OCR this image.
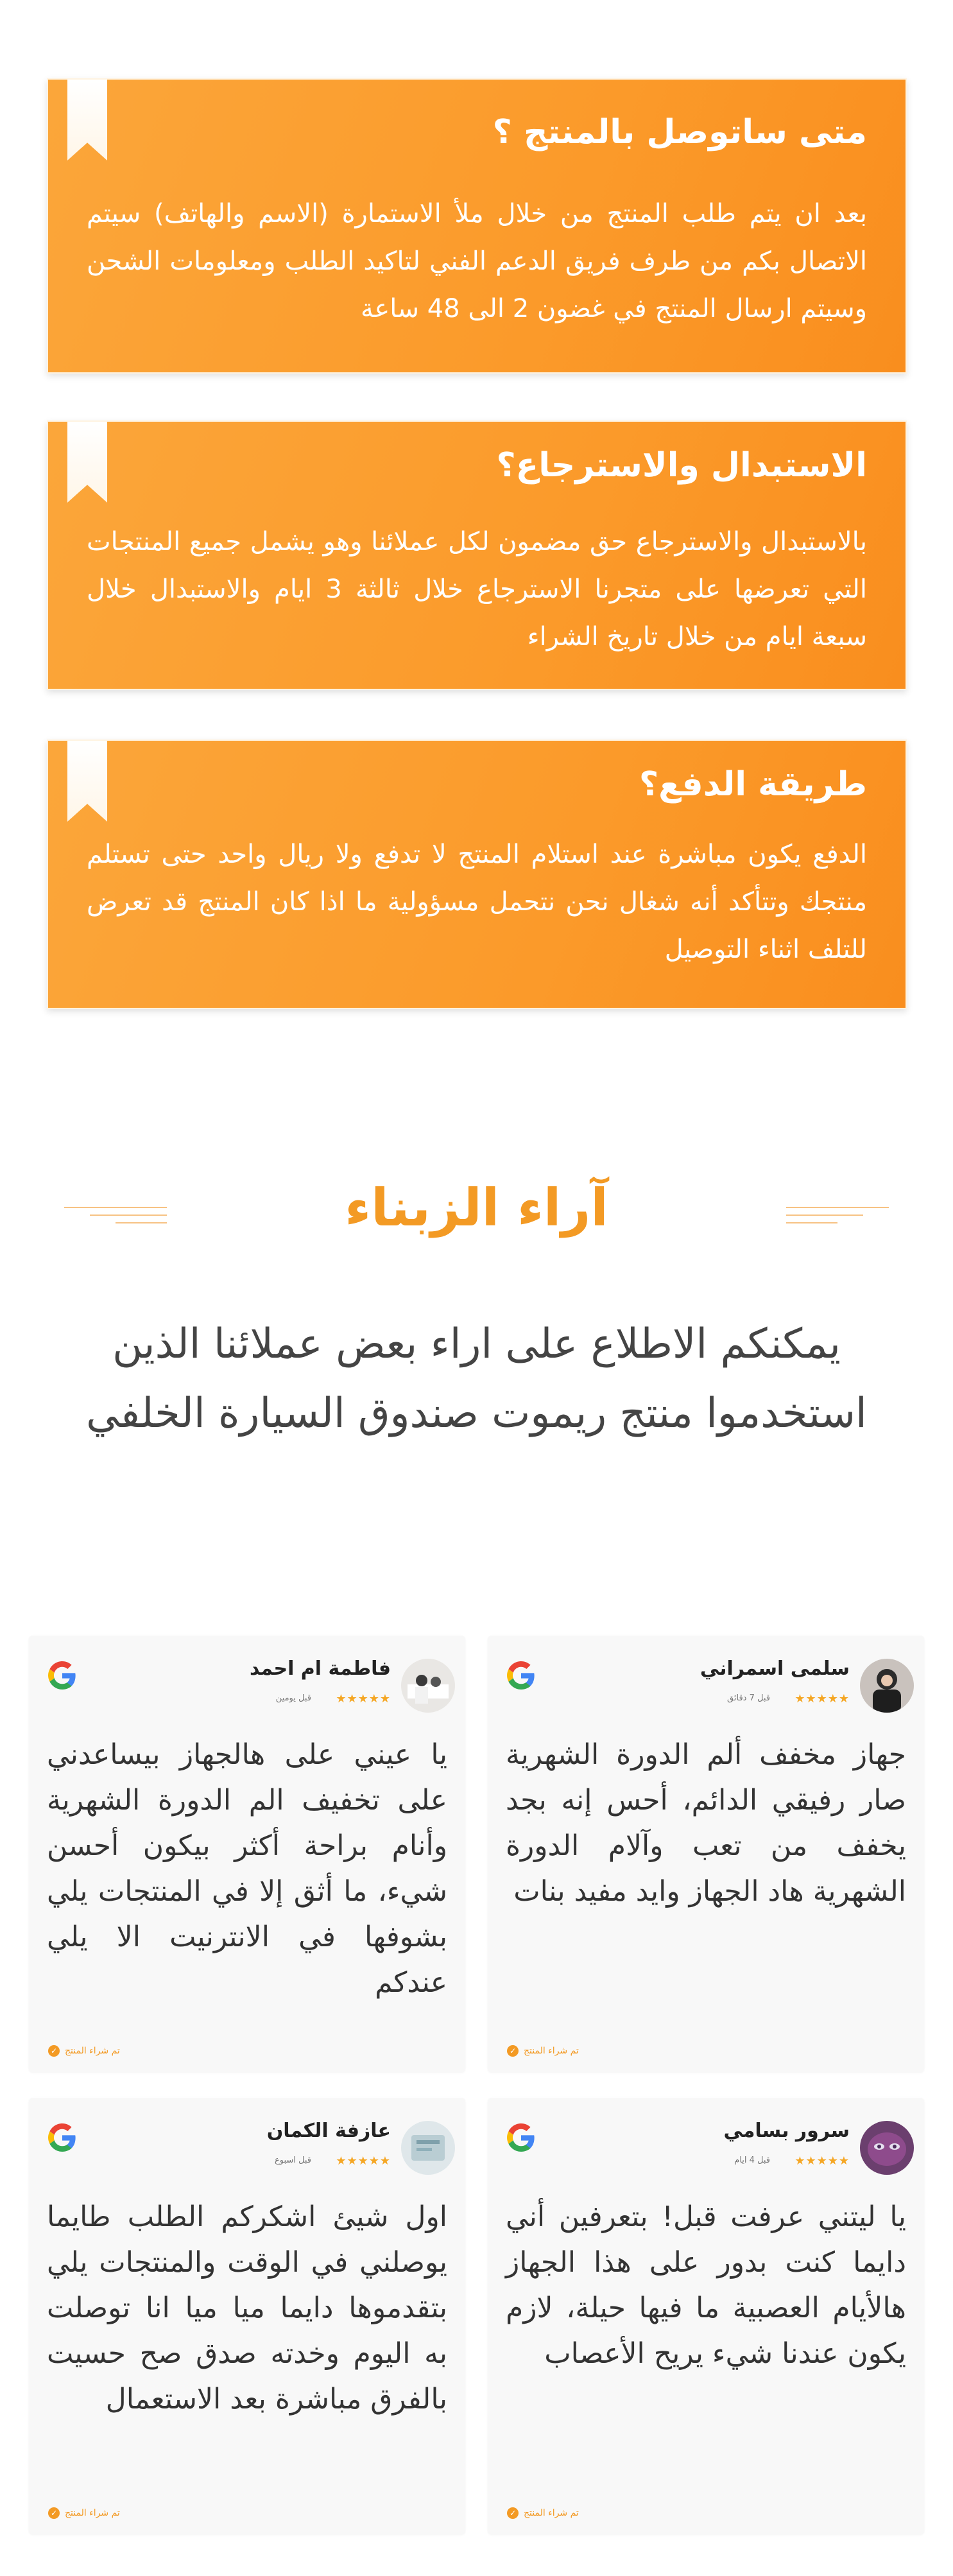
متى ساتوصل بالمنتج ؟

بعد ان يتم طلب المنتج من خلال ملأ الاستمارة (الاسم والهاتف) سيتم الاتصال بكم من طرف فريق الدعم الفني لتاكيد الطلب ومعلومات الشحن وسيتم ارسال المنتج في غضون 2 الى 48 ساعة

الاستبدال والاسترجاع؟

بالاستبدال والاسترجاع حق مضمون لكل عملائنا وهو يشمل جميع المنتجات التي تعرضها على متجرنا الاسترجاع خلال ثالثة 3 ايام والاستبدال خلال سبعة ايام من خلال تاريخ الشراء

طريقة الدفع؟

الدفع يكون مباشرة عند استلام المنتج لا تدفع ولا ريال واحد حتى تستلم منتجك وتتأكد أنه شغال نحن نتحمل مسؤولية ما اذا كان المنتج قد تعرض للتلف اثناء التوصيل

آراء الزبناء

يمكنكم الاطلاع على اراء بعض عملائنا الذين استخدموا منتج ريموت صندوق السيارة الخلفي

سلمى اسمراني
★★★★★
قبل 7 دقائق

جهاز مخفف ألم الدورة الشهرية صار رفيقي الدائم، أحس إنه بجد يخفف من تعب وآلام الدورة الشهرية هاد الجهاز وايد مفيد بنات

✓ تم شراء المنتج
فاطمة ام احمد
★★★★★
قبل يومين

يا عيني على هالجهاز بيساعدني على تخفيف الم الدورة الشهرية وأنام براحة أكثر بيكون أحسن شيء، ما أثق إلا في المنتجات يلي بشوفها في الانترنيت الا يلي عندكم

✓ تم شراء المنتج
سرور بسامي
★★★★★
قبل 4 ايام

يا ليتني عرفت قبل! بتعرفين أني دايما كنت بدور على هذا الجهاز هالأيام العصبية ما فيها حيلة، لازم يكون عندنا شيء يريح الأعصاب

✓ تم شراء المنتج
عازفة الكمان
★★★★★
قبل اسبوع

اول شيئ اشكركم الطلب طايما يوصلني في الوقت والمنتجات يلي بتقدموها دايما ميا ميا انا توصلت به اليوم وخدته صدق صح حسيت بالفرق مباشرة بعد الاستعمال

✓ تم شراء المنتج
